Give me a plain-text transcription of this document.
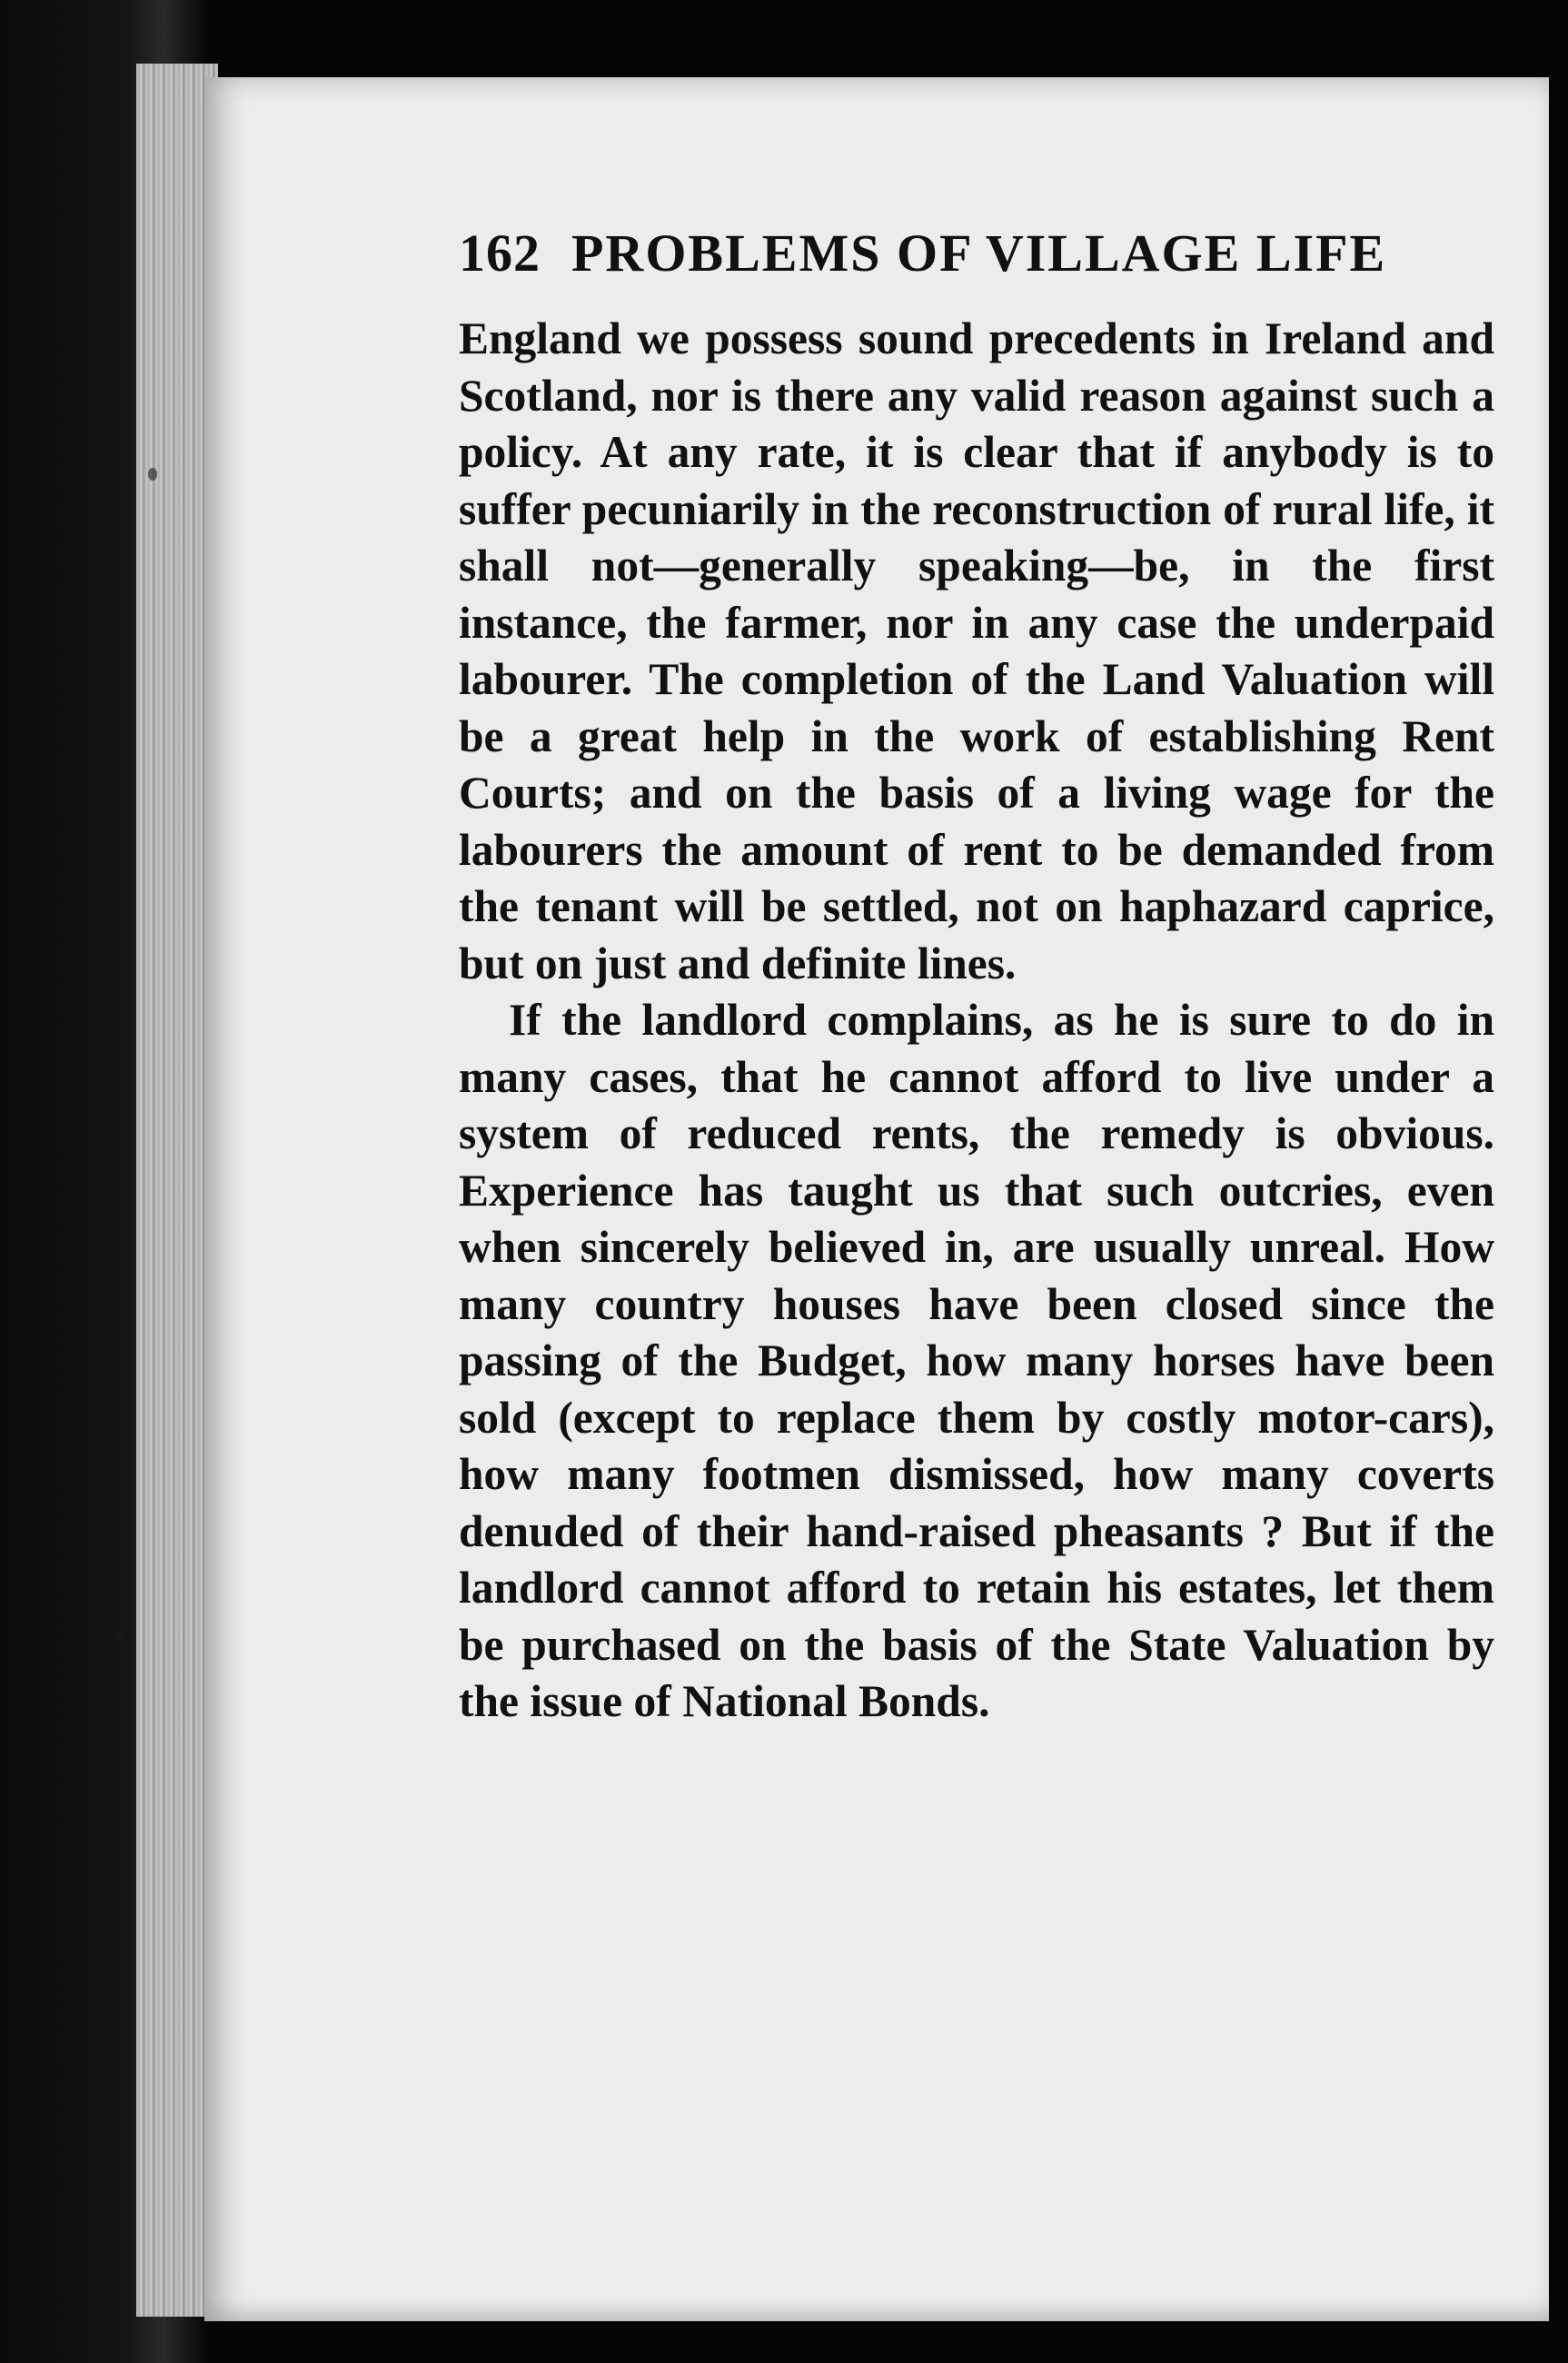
162 PROBLEMS OF VILLAGE LIFE

England we possess sound precedents in Ireland and Scotland, nor is there any valid reason against such a policy. At any rate, it is clear that if anybody is to suffer pecuniarily in the reconstruction of rural life, it shall not—generally speaking—be, in the first instance, the farmer, nor in any case the underpaid labourer. The completion of the Land Valuation will be a great help in the work of establishing Rent Courts; and on the basis of a living wage for the labourers the amount of rent to be demanded from the tenant will be settled, not on haphazard caprice, but on just and definite lines.

If the landlord complains, as he is sure to do in many cases, that he cannot afford to live under a system of reduced rents, the remedy is obvious. Experience has taught us that such outcries, even when sincerely believed in, are usually unreal. How many country houses have been closed since the passing of the Budget, how many horses have been sold (except to replace them by costly motor-cars), how many footmen dismissed, how many coverts denuded of their hand-raised pheasants ? But if the landlord cannot afford to retain his estates, let them be purchased on the basis of the State Valuation by the issue of National Bonds.
